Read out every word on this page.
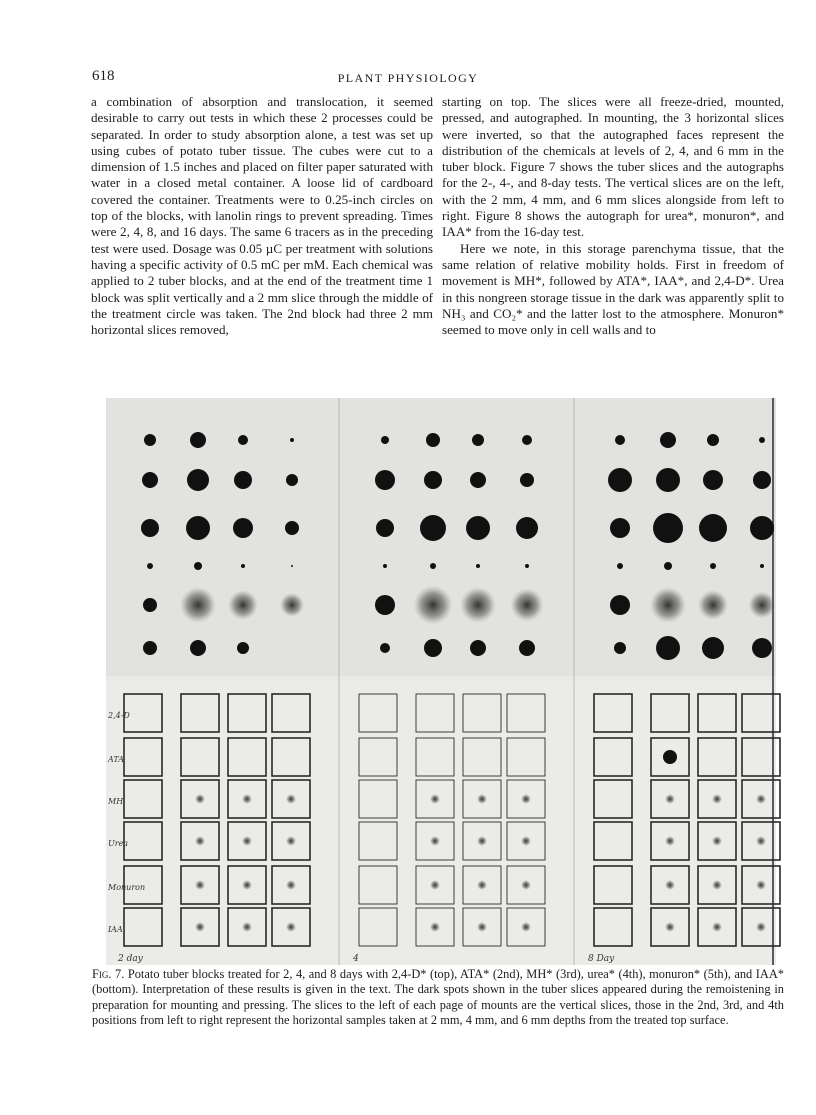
618	PLANT PHYSIOLOGY

a combination of absorption and translocation, it seemed desirable to carry out tests in which these 2 processes could be separated. In order to study absorption alone, a test was set up using cubes of potato tuber tissue. The cubes were cut to a dimension of 1.5 inches and placed on filter paper saturated with water in a closed metal container. A loose lid of cardboard covered the container. Treatments were to 0.25-inch circles on top of the blocks, with lanolin rings to prevent spreading. Times were 2, 4, 8, and 16 days. The same 6 tracers as in the preceding test were used. Dosage was 0.05 µC per treatment with solutions having a specific activity of 0.5 mC per mM. Each chemical was applied to 2 tuber blocks, and at the end of the treatment time 1 block was split vertically and a 2 mm slice through the middle of the treatment circle was taken. The 2nd block had three 2 mm horizontal slices removed,

starting on top. The slices were all freeze-dried, mounted, pressed, and autographed. In mounting, the 3 horizontal slices were inverted, so that the autographed faces represent the distribution of the chemicals at levels of 2, 4, and 6 mm in the tuber block. Figure 7 shows the tuber slices and the autographs for the 2-, 4-, and 8-day tests. The vertical slices are on the left, with the 2 mm, 4 mm, and 6 mm slices alongside from left to right. Figure 8 shows the autograph for urea*, monuron*, and IAA* from the 16-day test.

Here we note, in this storage parenchyma tissue, that the same relation of relative mobility holds. First in freedom of movement is MH*, followed by ATA*, IAA*, and 2,4-D*. Urea in this nongreen storage tissue in the dark was apparently split to NH₃ and CO₂* and the latter lost to the atmosphere. Monuron* seemed to move only in cell walls and to

2,4-D
ATA
MH
Urea
Monuron
IAA
2 day	4	8 Day
Fig. 7. Potato tuber blocks treated for 2, 4, and 8 days with 2,4-D* (top), ATA* (2nd), MH* (3rd), urea* (4th), monuron* (5th), and IAA* (bottom). Interpretation of these results is given in the text. The dark spots shown in the tuber slices appeared during the remoistening in preparation for mounting and pressing. The slices to the left of each page of mounts are the vertical slices, those in the 2nd, 3rd, and 4th positions from left to right represent the horizontal samples taken at 2 mm, 4 mm, and 6 mm depths from the treated top surface.
